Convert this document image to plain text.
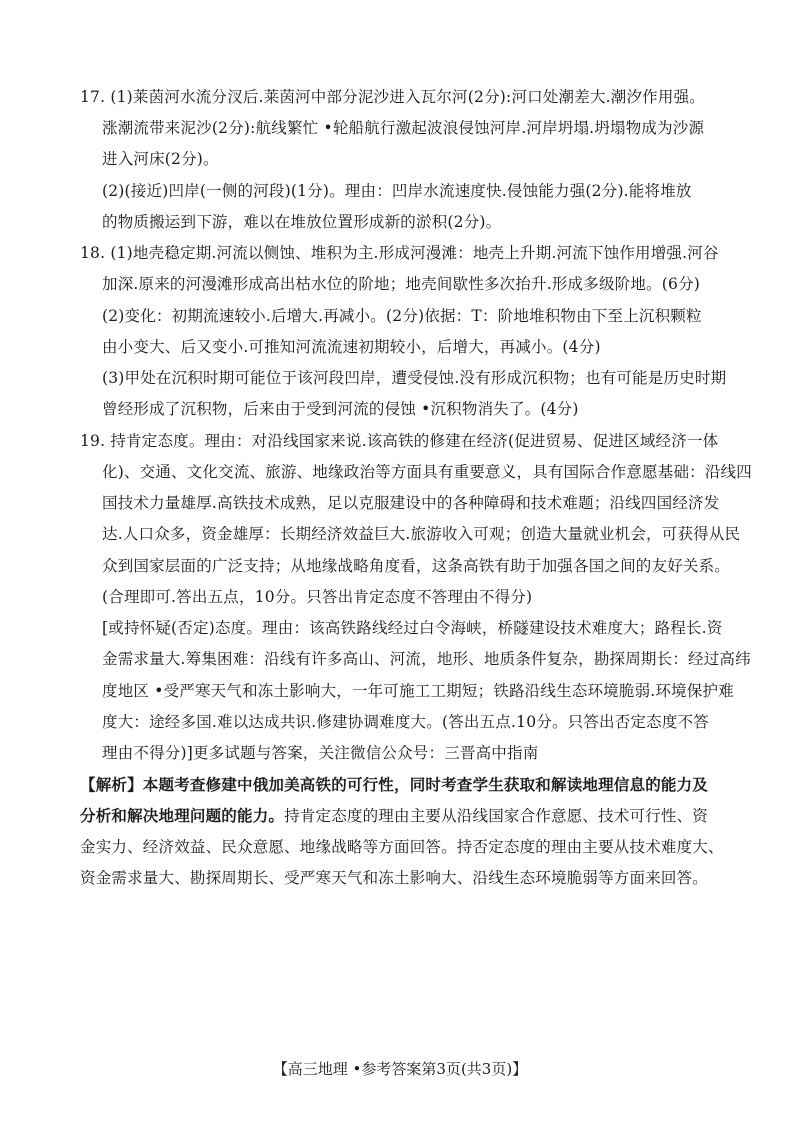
17. (1)莱茵河水流分汊后.莱茵河中部分泥沙进入瓦尔河(2分):河口处潮差大.潮汐作用强。
涨潮流带来泥沙(2分):航线繁忙 •轮船航行激起波浪侵蚀河岸.河岸坍塌.坍塌物成为沙源
进入河床(2分)。
(2)(接近)凹岸(一侧的河段)(1分)。理由：凹岸水流速度快.侵蚀能力强(2分).能将堆放
的物质搬运到下游，难以在堆放位置形成新的淤积(2分)。
18. (1)地壳稳定期.河流以侧蚀、堆积为主.形成河漫滩：地壳上升期.河流下蚀作用增强.河谷
加深.原来的河漫滩形成高出枯水位的阶地；地壳间歇性多次抬升.形成多级阶地。(6分)
(2)变化：初期流速较小.后增大.再减小。(2分)依据：T：阶地堆积物由下至上沉积颗粒
由小变大、后又变小.可推知河流流速初期较小，后增大，再减小。(4分)
(3)甲处在沉积时期可能位于该河段凹岸，遭受侵蚀.没有形成沉积物；也有可能是历史时期
曾经形成了沉积物，后来由于受到河流的侵蚀 •沉积物消失了。(4分)
19. 持肯定态度。理由：对沿线国家来说.该高铁的修建在经济(促进贸易、促进区域经济一体
化)、交通、文化交流、旅游、地缘政治等方面具有重要意义，具有国际合作意愿基础：沿线四
国技术力量雄厚.高铁技术成熟，足以克服建设中的各种障碍和技术难题；沿线四国经济发
达.人口众多，资金雄厚：长期经济效益巨大.旅游收入可观；创造大量就业机会，可获得从民
众到国家层面的广泛支持；从地缘战略角度看，这条高铁有助于加强各国之间的友好关系。
(合理即可.答出五点，10分。只答出肯定态度不答理由不得分)
[或持怀疑(否定)态度。理由：该高铁路线经过白令海峡，桥隧建设技术难度大；路程长.资
金需求量大.筹集困难：沿线有许多高山、河流，地形、地质条件复杂，勘探周期长：经过高纬
度地区 •受严寒天气和冻土影响大，一年可施工工期短；铁路沿线生态环境脆弱.环境保护难
度大：途经多国.难以达成共识.修建协调难度大。(答出五点.10分。只答出否定态度不答
理由不得分)]更多试题与答案，关注微信公众号：三晋高中指南
【解析】本题考查修建中俄加美高铁的可行性，同时考查学生获取和解读地理信息的能力及
分析和解决地理问题的能力。持肯定态度的理由主要从沿线国家合作意愿、技术可行性、资
金实力、经济效益、民众意愿、地缘战略等方面回答。持否定态度的理由主要从技术难度大、
资金需求量大、勘探周期长、受严寒天气和冻土影响大、沿线生态环境脆弱等方面来回答。
【高三地理 •参考答案第3页(共3页)】
